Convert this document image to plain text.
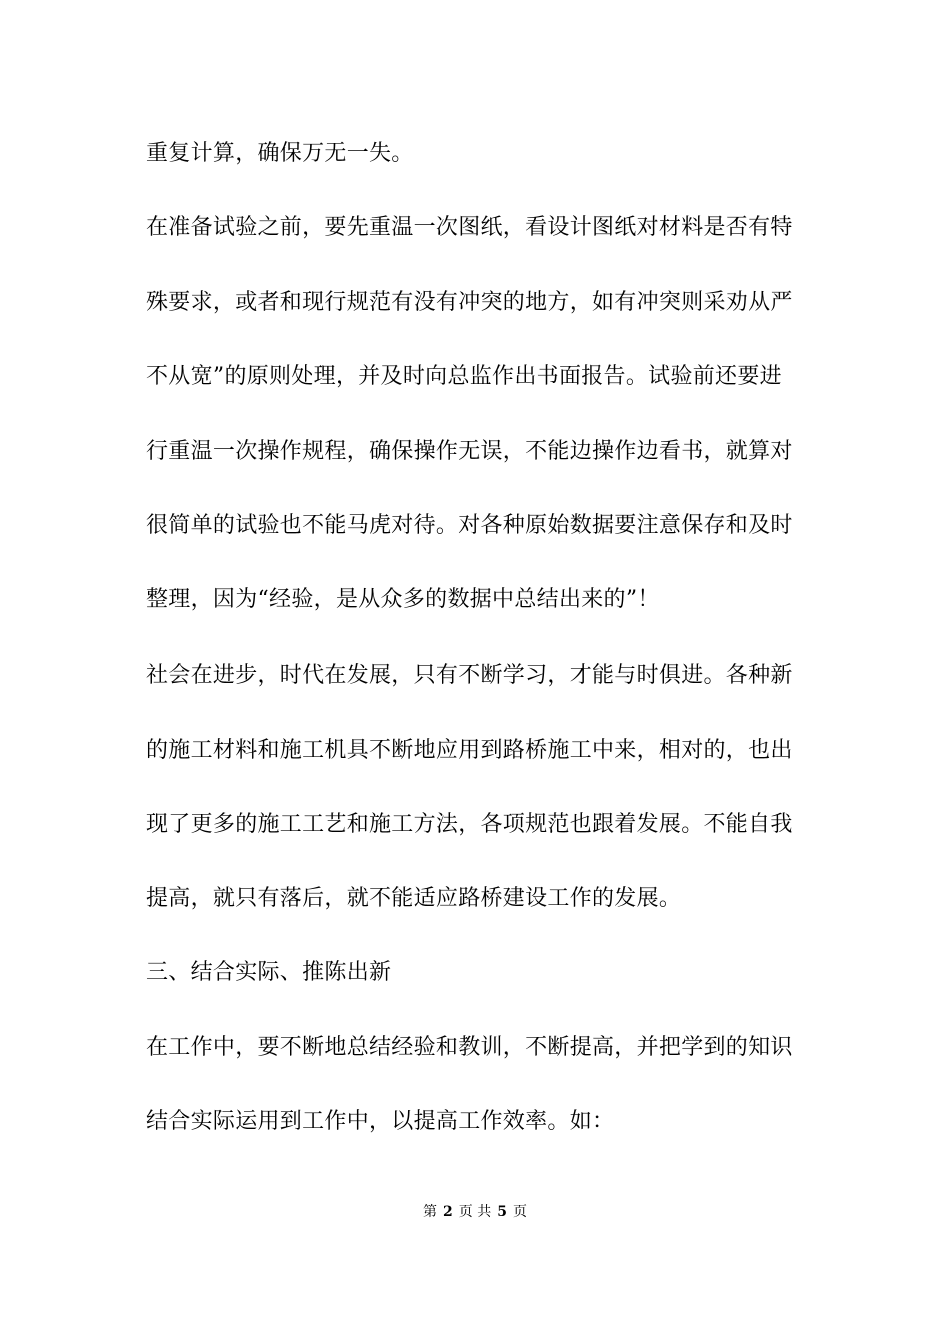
重复计算，确保万无一失。
在准备试验之前，要先重温一次图纸，看设计图纸对材料是否有特
殊要求，或者和现行规范有没有冲突的地方，如有冲突则采劝从严
不从宽”的原则处理，并及时向总监作出书面报告。试验前还要进
行重温一次操作规程，确保操作无误，不能边操作边看书，就算对
很简单的试验也不能马虎对待。对各种原始数据要注意保存和及时
整理，因为“经验，是从众多的数据中总结出来的”！
社会在进步，时代在发展，只有不断学习，才能与时俱进。各种新
的施工材料和施工机具不断地应用到路桥施工中来，相对的，也出
现了更多的施工工艺和施工方法，各项规范也跟着发展。不能自我
提高，就只有落后，就不能适应路桥建设工作的发展。
三、结合实际、推陈出新
在工作中，要不断地总结经验和教训，不断提高，并把学到的知识
结合实际运用到工作中，以提高工作效率。如：
第 2 页 共 5 页
